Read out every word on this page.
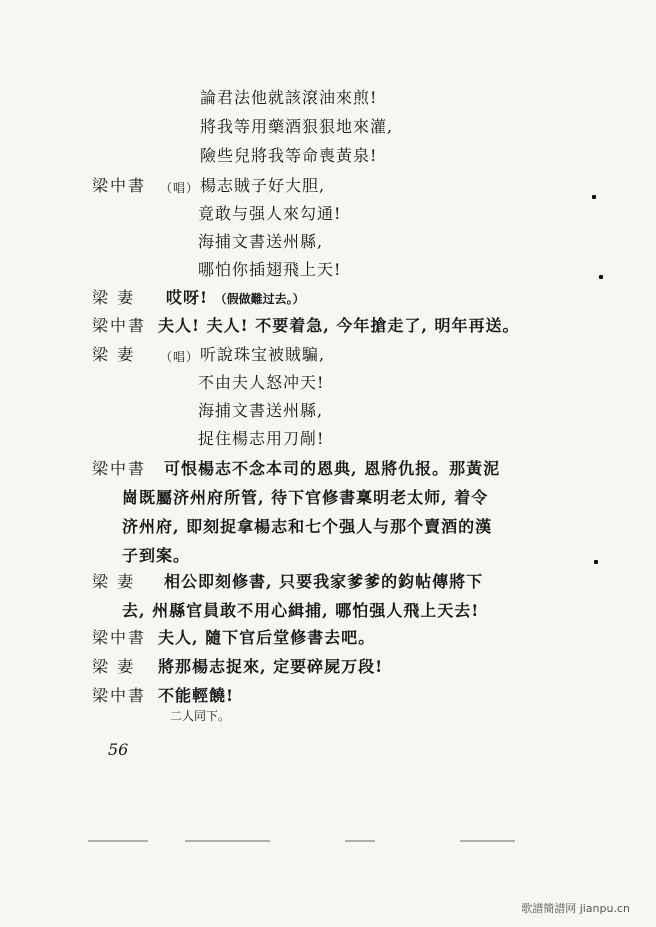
論君法他就該滾油來煎!
將我等用藥酒狠狠地來灌,
險些兒將我等命喪黃泉!
梁中書 （唱） 楊志賊子好大胆,
竟敢与强人來勾通!
海捕文書送州縣,
哪怕你插翅飛上天!
梁 妻 哎呀! （假做難过去。）
梁中書 夫人! 夫人! 不要着急, 今年搶走了, 明年再送。
梁 妻 （唱） 听說珠宝被賊騙,
不由夫人怒冲天!
海捕文書送州縣,
捉住楊志用刀剮!
梁中書 可恨楊志不念本司的恩典, 恩將仇报。那黃泥
崗既屬济州府所管, 待下官修書稟明老太师, 着令
济州府, 即刻捉拿楊志和七个强人与那个賣酒的漢
子到案。
梁 妻 相公即刻修書, 只要我家爹爹的鈞帖傳將下
去, 州縣官員敢不用心緝捕, 哪怕强人飛上天去!
梁中書 夫人, 隨下官后堂修書去吧。
梁 妻 將那楊志捉來, 定要碎屍万段!
梁中書 不能輕饒!
二人同下。
56
歌譜簡譜网 jianpu.cn
